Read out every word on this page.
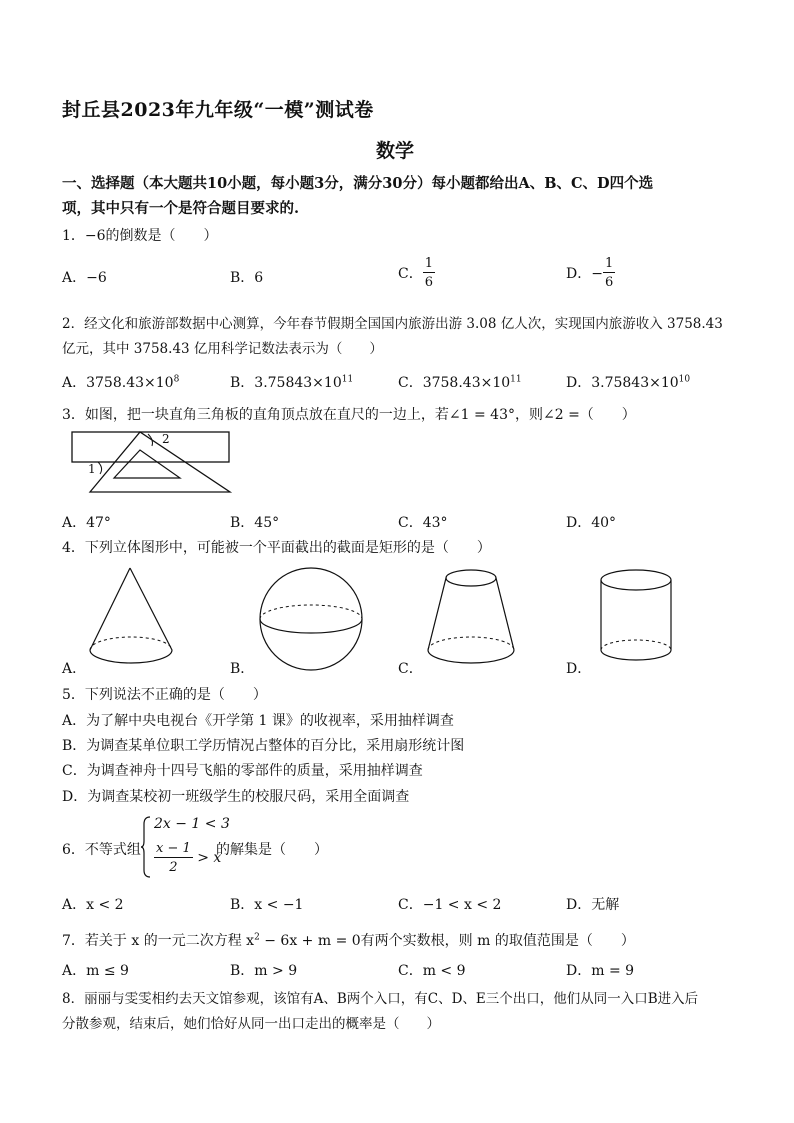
封丘县2023年九年级“一模”测试卷
数学
一、选择题（本大题共10小题，每小题3分，满分30分）每小题都给出A、B、C、D四个选
项，其中只有一个是符合题目要求的.
1．−6的倒数是（　　）
A．−6	B．6	C． $\frac{1}{6}$	D．− $\frac{1}{6}$
2．经文化和旅游部数据中心测算，今年春节假期全国国内旅游出游 3.08 亿人次，实现国内旅游收入 3758.43
亿元，其中 3758.43 亿用科学记数法表示为（　　）
A．$3758.43\times 10^8$	B．$3.75843\times 10^{11}$	C．$3758.43\times 10^{11}$	D．$3.75843\times 10^{10}$
3．如图，把一块直角三角板的直角顶点放在直尺的一边上，若∠1 = 43°，则∠2 =（　　）
2
1
A．47°	B．45°	C．43°	D．40°
4．下列立体图形中，可能被一个平面截出的截面是矩形的是（　　）
A．	B．	C．	D．
5．下列说法不正确的是（　　）
A．为了解中央电视台《开学第 1 课》的收视率，采用抽样调查
B．为调查某单位职工学历情况占整体的百分比，采用扇形统计图
C．为调查神舟十四号飞船的零部件的质量，采用抽样调查
D．为调查某校初一班级学生的校服尺码，采用全面调查
6．不等式组
2x − 1 < 3
$\frac{x - 1}{2} > x$
的解集是（　　）
A．x < 2	B．x < −1	C．−1 < x < 2	D．无解
7．若关于 x 的一元二次方程 $x^2 - 6x + m = 0$有两个实数根，则 m 的取值范围是（　　）
A．m ≤ 9	B．m > 9	C．m < 9	D．m = 9
8．丽丽与雯雯相约去天文馆参观，该馆有A、B两个入口，有C、D、E三个出口，他们从同一入口B进入后
分散参观，结束后，她们恰好从同一出口走出的概率是（　　）
